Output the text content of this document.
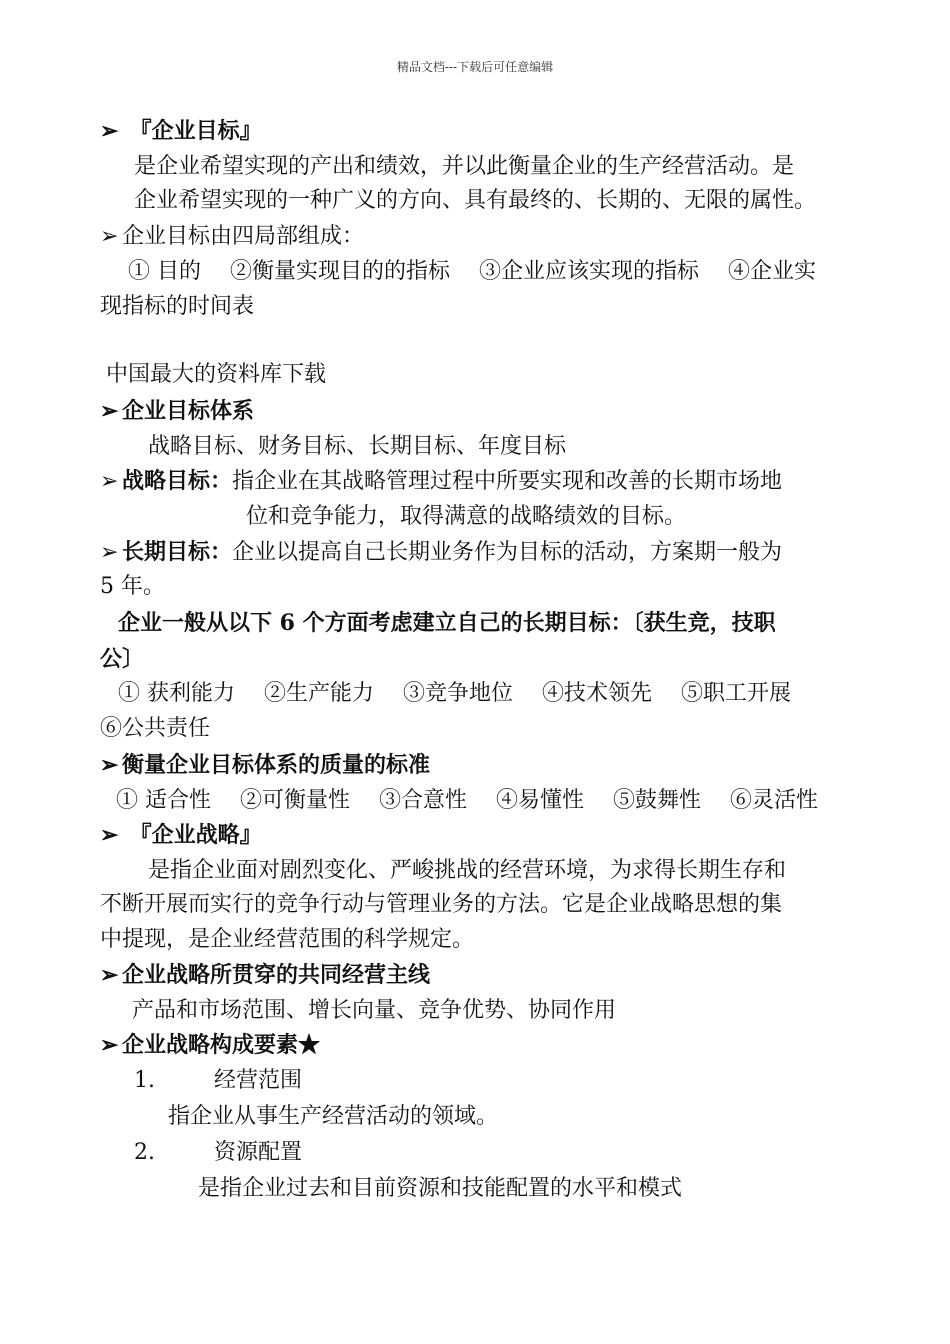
精品文档---下载后可任意编辑
➢ 『企业目标』
是企业希望实现的产出和绩效，并以此衡量企业的生产经营活动。是
企业希望实现的一种广义的方向、具有最终的、长期的、无限的属性。
➢ 企业目标由四局部组成：
① 目的　 ②衡量实现目的的指标　 ③企业应该实现的指标　 ④企业实
现指标的时间表
中国最大的资料库下载
➢ 企业目标体系
战略目标、财务目标、长期目标、年度目标
➢ 战略目标：指企业在其战略管理过程中所要实现和改善的长期市场地
位和竞争能力，取得满意的战略绩效的目标。
➢ 长期目标：企业以提高自己长期业务作为目标的活动，方案期一般为
5 年。
企业一般从以下 6 个方面考虑建立自己的长期目标：〔获生竞，技职
公〕
① 获利能力　 ②生产能力　 ③竞争地位　 ④技术领先　 ⑤职工开展
⑥公共责任
➢ 衡量企业目标体系的质量的标准
① 适合性　 ②可衡量性　 ③合意性　 ④易懂性　 ⑤鼓舞性　 ⑥灵活性
➢ 『企业战略』
是指企业面对剧烈变化、严峻挑战的经营环境，为求得长期生存和
不断开展而实行的竞争行动与管理业务的方法。它是企业战略思想的集
中提现，是企业经营范围的科学规定。
➢ 企业战略所贯穿的共同经营主线
产品和市场范围、增长向量、竞争优势、协同作用
➢ 企业战略构成要素★
1.	经营范围
指企业从事生产经营活动的领域。
2.	资源配置
是指企业过去和目前资源和技能配置的水平和模式
